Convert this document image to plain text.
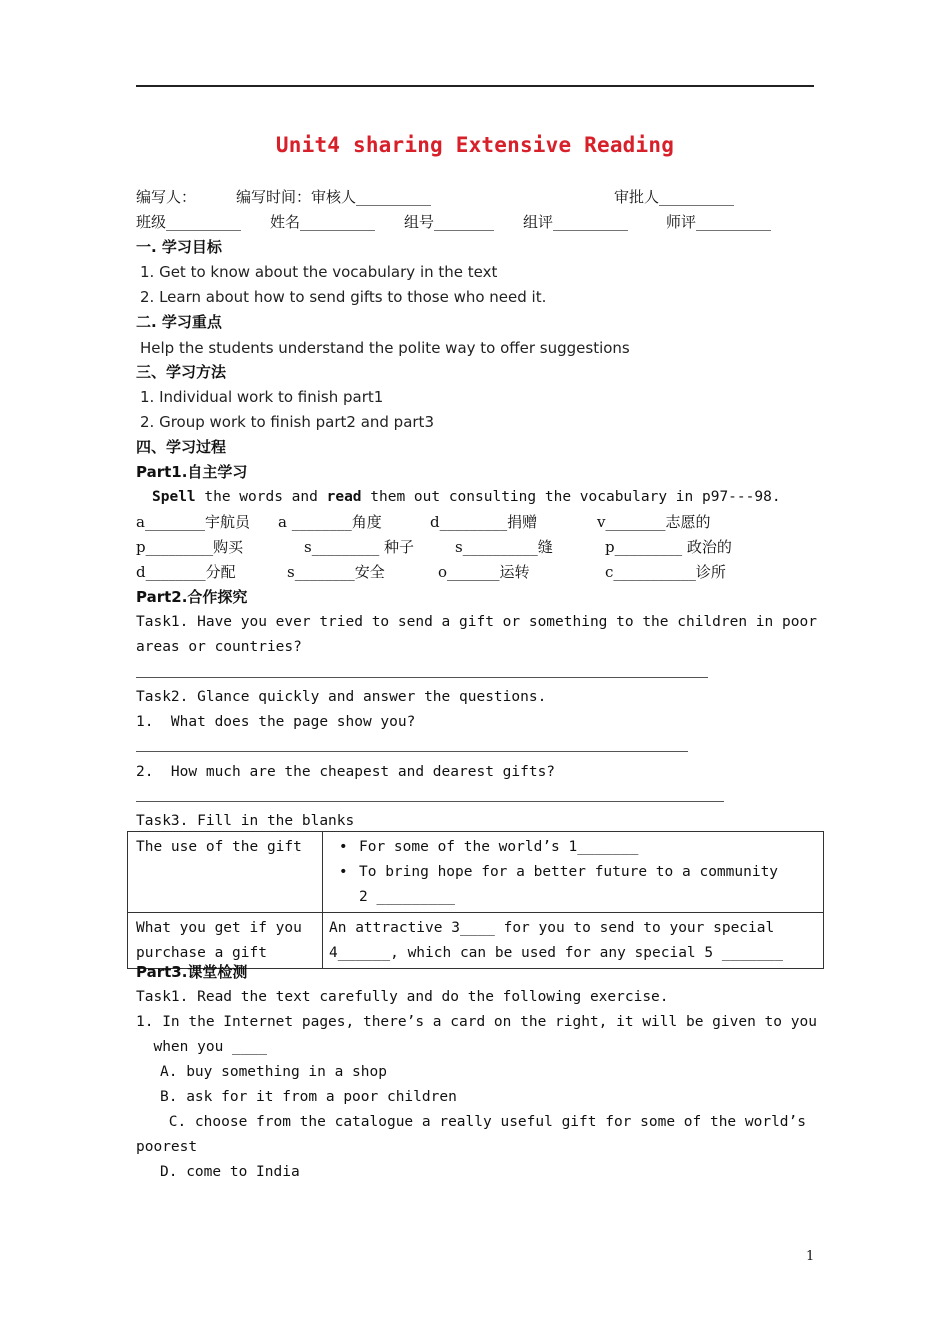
Unit4 sharing Extensive Reading
编写人：	编写时间：审核人__________	审批人__________
班级__________ 姓名__________ 组号________ 组评__________	师评__________
一. 学习目标
1. Get to know about the vocabulary in the text
2. Learn about how to send gifts to those who need it.
二. 学习重点
Help the students understand the polite way to offer suggestions
三、学习方法
1. Individual work to finish part1
2. Group work to finish part2 and part3
四、学习过程
Part1.自主学习
Spell the words and read them out consulting the vocabulary in p97---98.
a________宇航员 a ________角度	d_________捐赠	v________志愿的
p_________购买	s_________ 种子	s__________缝	p_________ 政治的
d________分配	s________安全	o_______运转	c___________诊所
Part2.合作探究
Task1. Have you ever tried to send a gift or something to the children in poor
areas or countries?
Task2. Glance quickly and answer the questions.
1.  What does the page show you?
2.  How much are the cheapest and dearest gifts?
Task3. Fill in the blanks
The use of the gift	• For some of the world’s 1_______
• To bring hope for a better future to a community
2 _________

What you get if you
purchase a gift	An attractive 3____ for you to send to your special
4______, which can be used for any special 5 _______
Part3.课堂检测
Task1. Read the text carefully and do the following exercise.
1. In the Internet pages, there’s a card on the right, it will be given to you
when you ____
A. buy something in a shop
B. ask for it from a poor children
C. choose from the catalogue a really useful gift for some of the world’s
poorest
D. come to India
1
